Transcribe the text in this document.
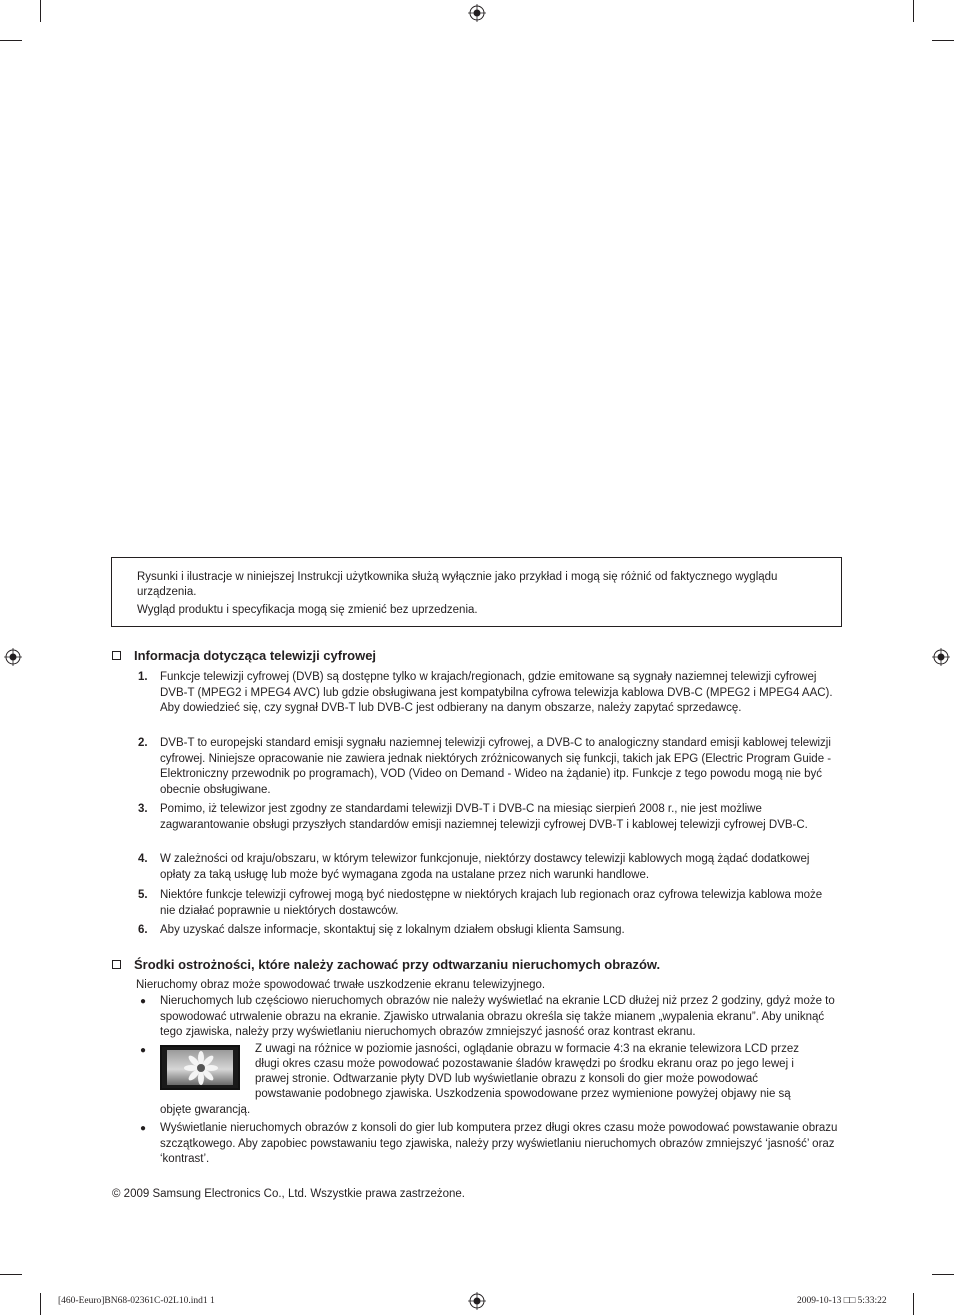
Rysunki i ilustracje w niniejszej Instrukcji użytkownika służą wyłącznie jako przykład i mogą się różnić od faktycznego wyglądu urządzenia.

Wygląd produktu i specyfikacja mogą się zmienić bez uprzedzenia.

Informacja dotycząca telewizji cyfrowej
1. Funkcje telewizji cyfrowej (DVB) są dostępne tylko w krajach/regionach, gdzie emitowane są sygnały naziemnej telewizji cyfrowej DVB-T (MPEG2 i MPEG4 AVC) lub gdzie obsługiwana jest kompatybilna cyfrowa telewizja kablowa DVB-C (MPEG2 i MPEG4 AAC). Aby dowiedzieć się, czy sygnał DVB-T lub DVB-C jest odbierany na danym obszarze, należy zapytać sprzedawcę.
2. DVB-T to europejski standard emisji sygnału naziemnej telewizji cyfrowej, a DVB-C to analogiczny standard emisji kablowej telewizji cyfrowej. Niniejsze opracowanie nie zawiera jednak niektórych zróżnicowanych się funkcji, takich jak EPG (Electric Program Guide - Elektroniczny przewodnik po programach), VOD (Video on Demand - Wideo na żądanie) itp. Funkcje z tego powodu mogą nie być obecnie obsługiwane.
3. Pomimo, iż telewizor jest zgodny ze standardami telewizji DVB-T i DVB-C na miesiąc sierpień 2008 r., nie jest możliwe zagwarantowanie obsługi przyszłych standardów emisji naziemnej telewizji cyfrowej DVB-T i kablowej telewizji cyfrowej DVB-C.
4. W zależności od kraju/obszaru, w którym telewizor funkcjonuje, niektórzy dostawcy telewizji kablowych mogą żądać dodatkowej opłaty za taką usługę lub może być wymagana zgoda na ustalane przez nich warunki handlowe.
5. Niektóre funkcje telewizji cyfrowej mogą być niedostępne w niektórych krajach lub regionach oraz cyfrowa telewizja kablowa może nie działać poprawnie u niektórych dostawców.
6. Aby uzyskać dalsze informacje, skontaktuj się z lokalnym działem obsługi klienta Samsung.
Środki ostrożności, które należy zachować przy odtwarzaniu nieruchomych obrazów.
Nieruchomy obraz może spowodować trwałe uszkodzenie ekranu telewizyjnego.
● Nieruchomych lub częściowo nieruchomych obrazów nie należy wyświetlać na ekranie LCD dłużej niż przez 2 godziny, gdyż może to spowodować utrwalenie obrazu na ekranie. Zjawisko utrwalania obrazu określa się także mianem „wypalenia ekranu”. Aby uniknąć tego zjawiska, należy przy wyświetlaniu nieruchomych obrazów zmniejszyć jasność oraz kontrast ekranu.
●	Z uwagi na różnice w poziomie jasności, oglądanie obrazu w formacie 4:3 na ekranie telewizora LCD przez
długi okres czasu może powodować pozostawanie śladów krawędzi po środku ekranu oraz po jego lewej i
prawej stronie. Odtwarzanie płyty DVD lub wyświetlanie obrazu z konsoli do gier może powodować
powstawanie podobnego zjawiska. Uszkodzenia spowodowane przez wymienione powyżej objawy nie są
objęte gwarancją.
● Wyświetlanie nieruchomych obrazów z konsoli do gier lub komputera przez długi okres czasu może powodować powstawanie obrazu szczątkowego. Aby zapobiec powstawaniu tego zjawiska, należy przy wyświetlaniu nieruchomych obrazów zmniejszyć ‘jasność’ oraz ‘kontrast’.
© 2009 Samsung Electronics Co., Ltd. Wszystkie prawa zastrzeżone.
[460-Eeuro]BN68-02361C-02L10.ind1 1	2009-10-13 □□ 5:33:22
